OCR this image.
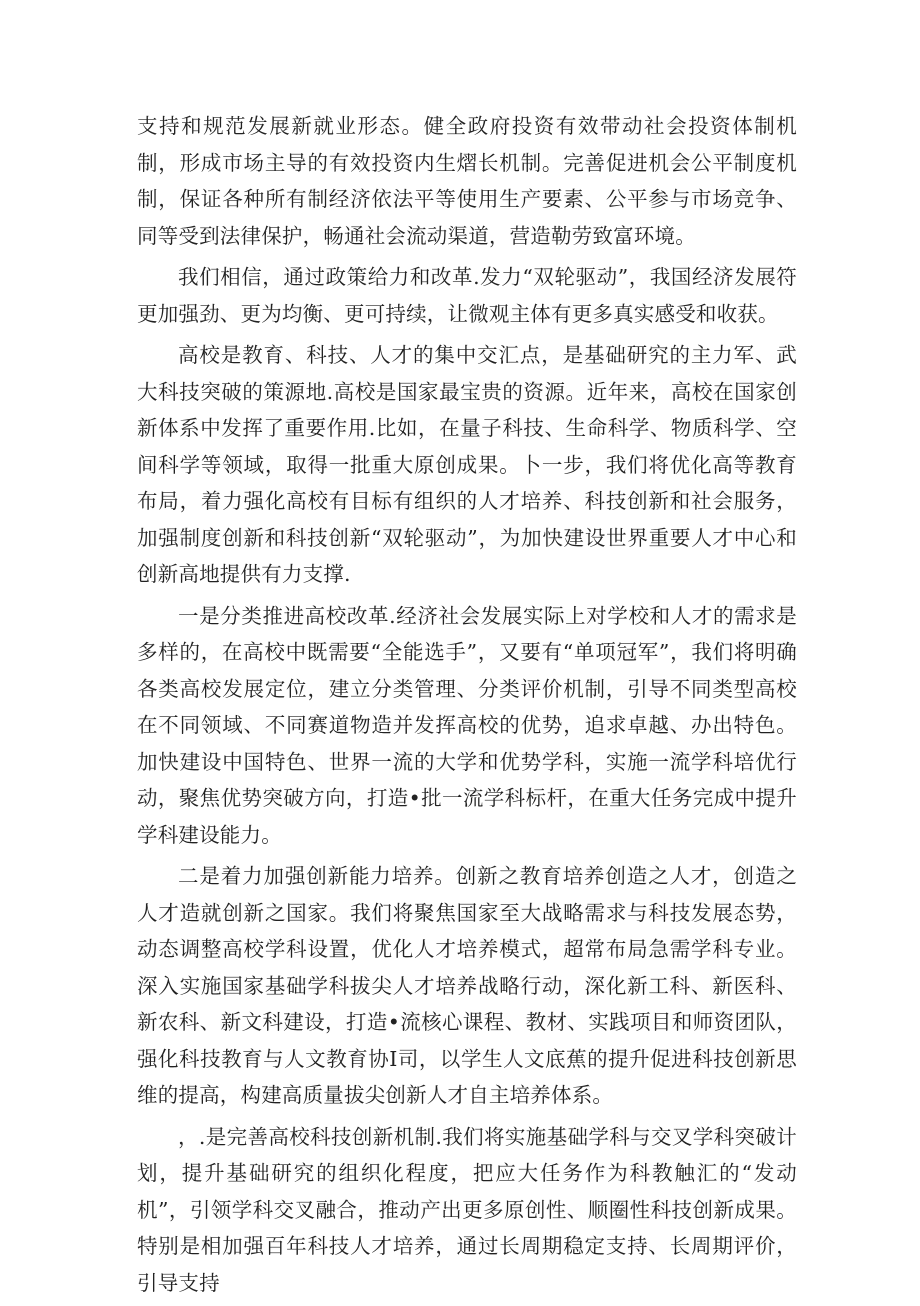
支持和规范发展新就业形态。健全政府投资有效带动社会投资体制机制，形成市场主导的有效投资内生熠长机制。完善促进机会公平制度机制，保证各种所有制经济依法平等使用生产要素、公平参与市场竞争、同等受到法律保护，畅通社会流动渠道，营造勒劳致富环境。

我们相信，通过政策给力和改革.发力“双轮驱动”，我国经济发展符更加强劲、更为均衡、更可持续，让微观主体有更多真实感受和收获。

高校是教育、科技、人才的集中交汇点，是基础研究的主力军、武大科技突破的策源地.高校是国家最宝贵的资源。近年来，高校在国家创新体系中发挥了重要作用.比如，在量子科技、生命科学、物质科学、空间科学等领域，取得一批重大原创成果。卜一步，我们将优化高等教育布局，着力强化高校有目标有组织的人才培养、科技创新和社会服务，加强制度创新和科技创新“双轮驱动”，为加快建设世界重要人才中心和创新高地提供有力支撑.

一是分类推进高校改革.经济社会发展实际上对学校和人才的需求是多样的，在高校中既需要“全能选手”，又要有“单项冠军”，我们将明确各类高校发展定位，建立分类管理、分类评价机制，引导不同类型高校在不同领域、不同赛道物造并发挥高校的优势，追求卓越、办出特色。加快建设中国特色、世界一流的大学和优势学科，实施一流学科培优行动，聚焦优势突破方向，打造•批一流学科标杆，在重大任务完成中提升学科建设能力。

二是着力加强创新能力培养。创新之教育培养创造之人才，创造之人才造就创新之国家。我们将聚焦国家至大战略需求与科技发展态势，动态调整高校学科设置，优化人才培养模式，超常布局急需学科专业。深入实施国家基础学科拔尖人才培养战略行动，深化新工科、新医科、新农科、新文科建设，打造•流核心课程、教材、实践项目和师资团队，强化科技教育与人文教育协I司，以学生人文底蕉的提升促进科技创新思维的提高，构建高质量拔尖创新人才自主培养体系。

，.是完善高校科技创新机制.我们将实施基础学科与交叉学科突破计划，提升基础研究的组织化程度，把应大任务作为科教触汇的“发动机”，引领学科交叉融合，推动产出更多原创性、顺圈性科技创新成果。特别是相加强百年科技人才培养，通过长周期稳定支持、长周期评价，引导支持
